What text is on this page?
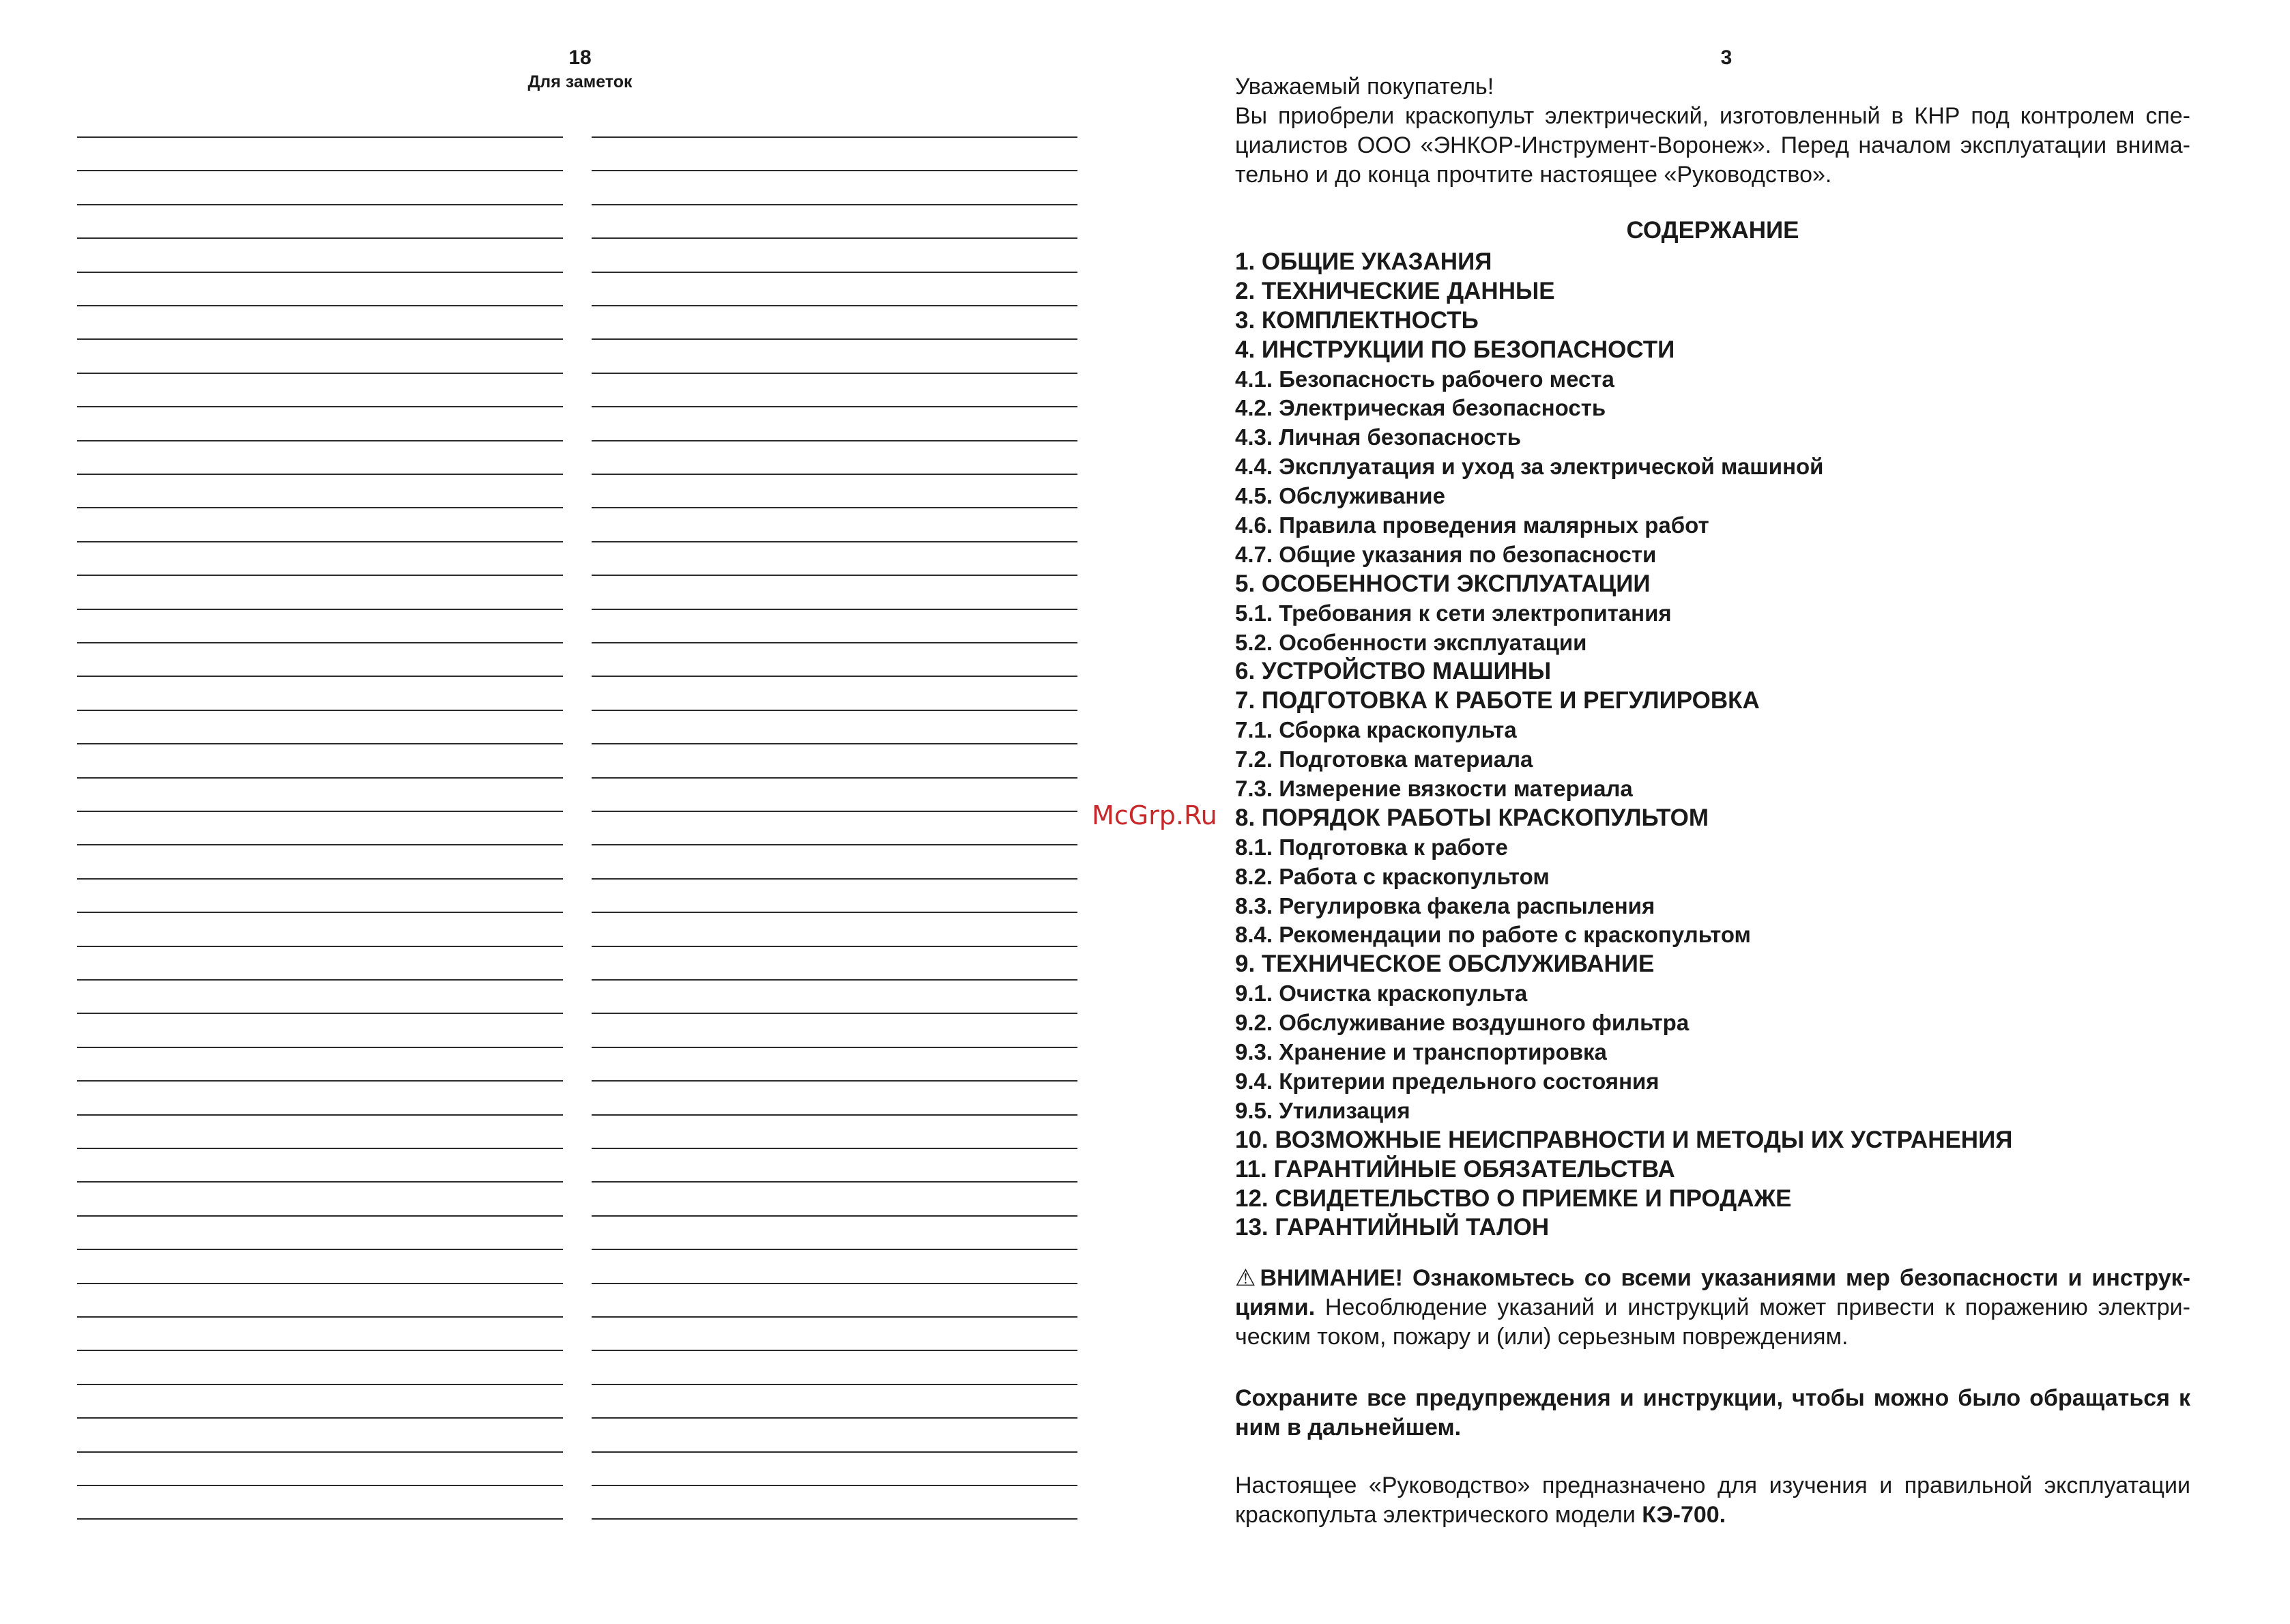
18
Для заметок
3
Уважаемый покупатель!
Вы приобрели краскопульт электрический, изготовленный в КНР под контролем спе-
циалистов ООО «ЭНКОР-Инструмент-Воронеж». Перед началом эксплуатации внима-
тельно и до конца прочтите настоящее «Руководство».
СОДЕРЖАНИЕ
1. ОБЩИЕ УКАЗАНИЯ
2. ТЕХНИЧЕСКИЕ ДАННЫЕ
3. КОМПЛЕКТНОСТЬ
4. ИНСТРУКЦИИ ПО БЕЗОПАСНОСТИ
4.1. Безопасность рабочего места
4.2. Электрическая безопасность
4.3. Личная безопасность
4.4. Эксплуатация и уход за электрической машиной
4.5. Обслуживание
4.6. Правила проведения малярных работ
4.7. Общие указания по безопасности
5. ОСОБЕННОСТИ ЭКСПЛУАТАЦИИ
5.1. Требования к сети электропитания
5.2. Особенности эксплуатации
6. УСТРОЙСТВО МАШИНЫ
7. ПОДГОТОВКА К РАБОТЕ И РЕГУЛИРОВКА
7.1. Сборка краскопульта
7.2. Подготовка материала
7.3. Измерение вязкости материала
8. ПОРЯДОК РАБОТЫ КРАСКОПУЛЬТОМ
8.1. Подготовка к работе
8.2. Работа с краскопультом
8.3. Регулировка факела распыления
8.4. Рекомендации по работе с краскопультом
9. ТЕХНИЧЕСКОЕ ОБСЛУЖИВАНИЕ
9.1. Очистка краскопульта
9.2. Обслуживание воздушного фильтра
9.3. Хранение и транспортировка
9.4. Критерии предельного состояния
9.5. Утилизация
10. ВОЗМОЖНЫЕ НЕИСПРАВНОСТИ И МЕТОДЫ ИХ УСТРАНЕНИЯ
11. ГАРАНТИЙНЫЕ ОБЯЗАТЕЛЬСТВА
12. СВИДЕТЕЛЬСТВО О ПРИЕМКЕ И ПРОДАЖЕ
13. ГАРАНТИЙНЫЙ ТАЛОН
⚠ ВНИМАНИЕ! Ознакомьтесь со всеми указаниями мер безопасности и инструк-
циями. Несоблюдение указаний и инструкций может привести к поражению электри-
ческим током, пожару и (или) серьезным повреждениям.
Сохраните все предупреждения и инструкции, чтобы можно было обращаться к
ним в дальнейшем.
Настоящее «Руководство» предназначено для изучения и правильной эксплуатации
краскопульта электрического модели КЭ-700.
McGrp.Ru
